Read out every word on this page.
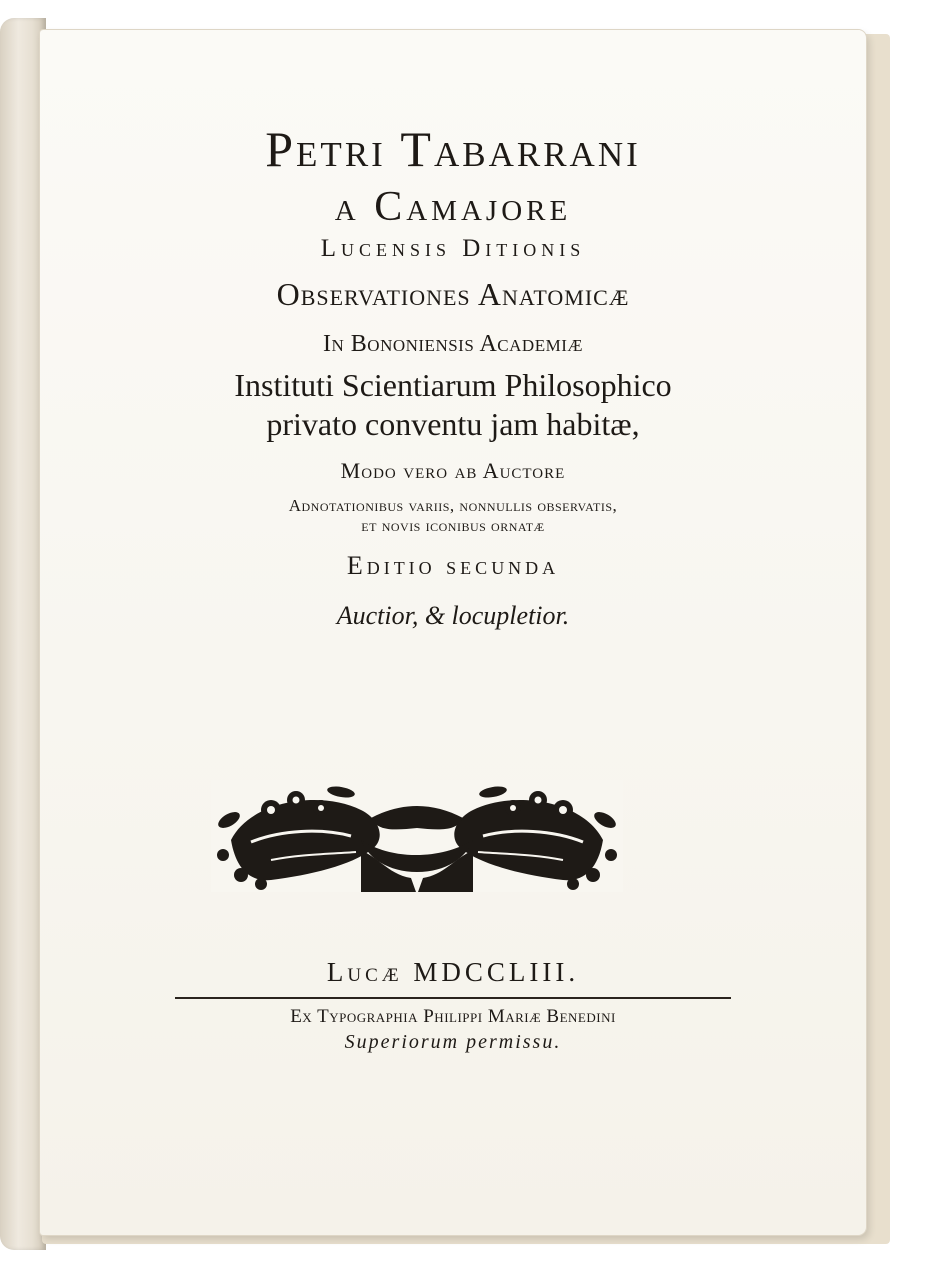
Petri Tabarrani
a Camajore
Lucensis Ditionis
Observationes Anatomicæ
In Bononiensis Academiæ
Instituti Scientiarum Philosophico
privato conventu jam habitæ,
Modo vero ab Auctore
Adnotationibus variis, nonnullis observatis,
et novis iconibus ornatæ
Editio secunda
Auctior, & locupletior.
Lucæ MDCCLIII.
Ex Typographia Philippi Mariæ Benedini
Superiorum permissu.
